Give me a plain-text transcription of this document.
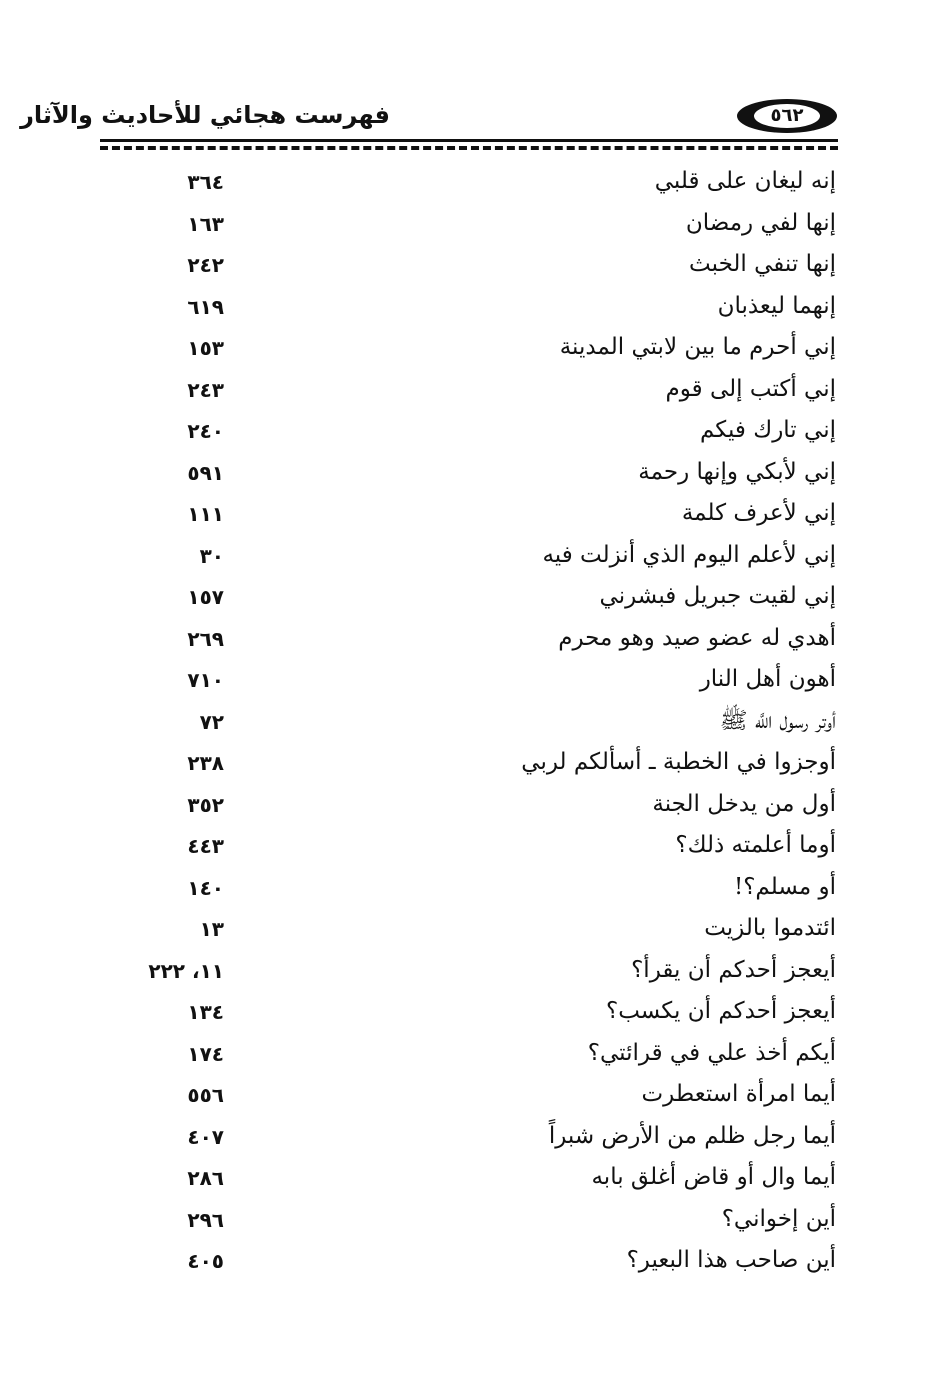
٥٦٢
فهرست هجائي للأحاديث والآثار
إنه ليغان على قلبي
٣٦٤
إنها لفي رمضان
١٦٣
إنها تنفي الخبث
٢٤٢
إنهما ليعذبان
٦١٩
إني أحرم ما بين لابتي المدينة
١٥٣
إني أكتب إلى قوم
٢٤٣
إني تارك فيكم
٢٤٠
إني لأبكي وإنها رحمة
٥٩١
إني لأعرف كلمة
١١١
إني لأعلم اليوم الذي أنزلت فيه
٣٠
إني لقيت جبريل فبشرني
١٥٧
أهدي له عضو صيد وهو محرم
٢٦٩
أهون أهل النار
٧١٠
أوتر رسول اللَّه ﷺ
٧٢
أوجزوا في الخطبة ـ أسألكم لربي
٢٣٨
أول من يدخل الجنة
٣٥٢
أوما أعلمته ذلك؟
٤٤٣
أو مسلم؟!
١٤٠
ائتدموا بالزيت
١٣
أيعجز أحدكم أن يقرأ؟
١١، ٢٢٢
أيعجز أحدكم أن يكسب؟
١٣٤
أيكم أخذ علي في قرائتي؟
١٧٤
أيما امرأة استعطرت
٥٥٦
أيما رجل ظلم من الأرض شبراً
٤٠٧
أيما وال أو قاض أغلق بابه
٢٨٦
أين إخواني؟
٢٩٦
أين صاحب هذا البعير؟
٤٠٥
